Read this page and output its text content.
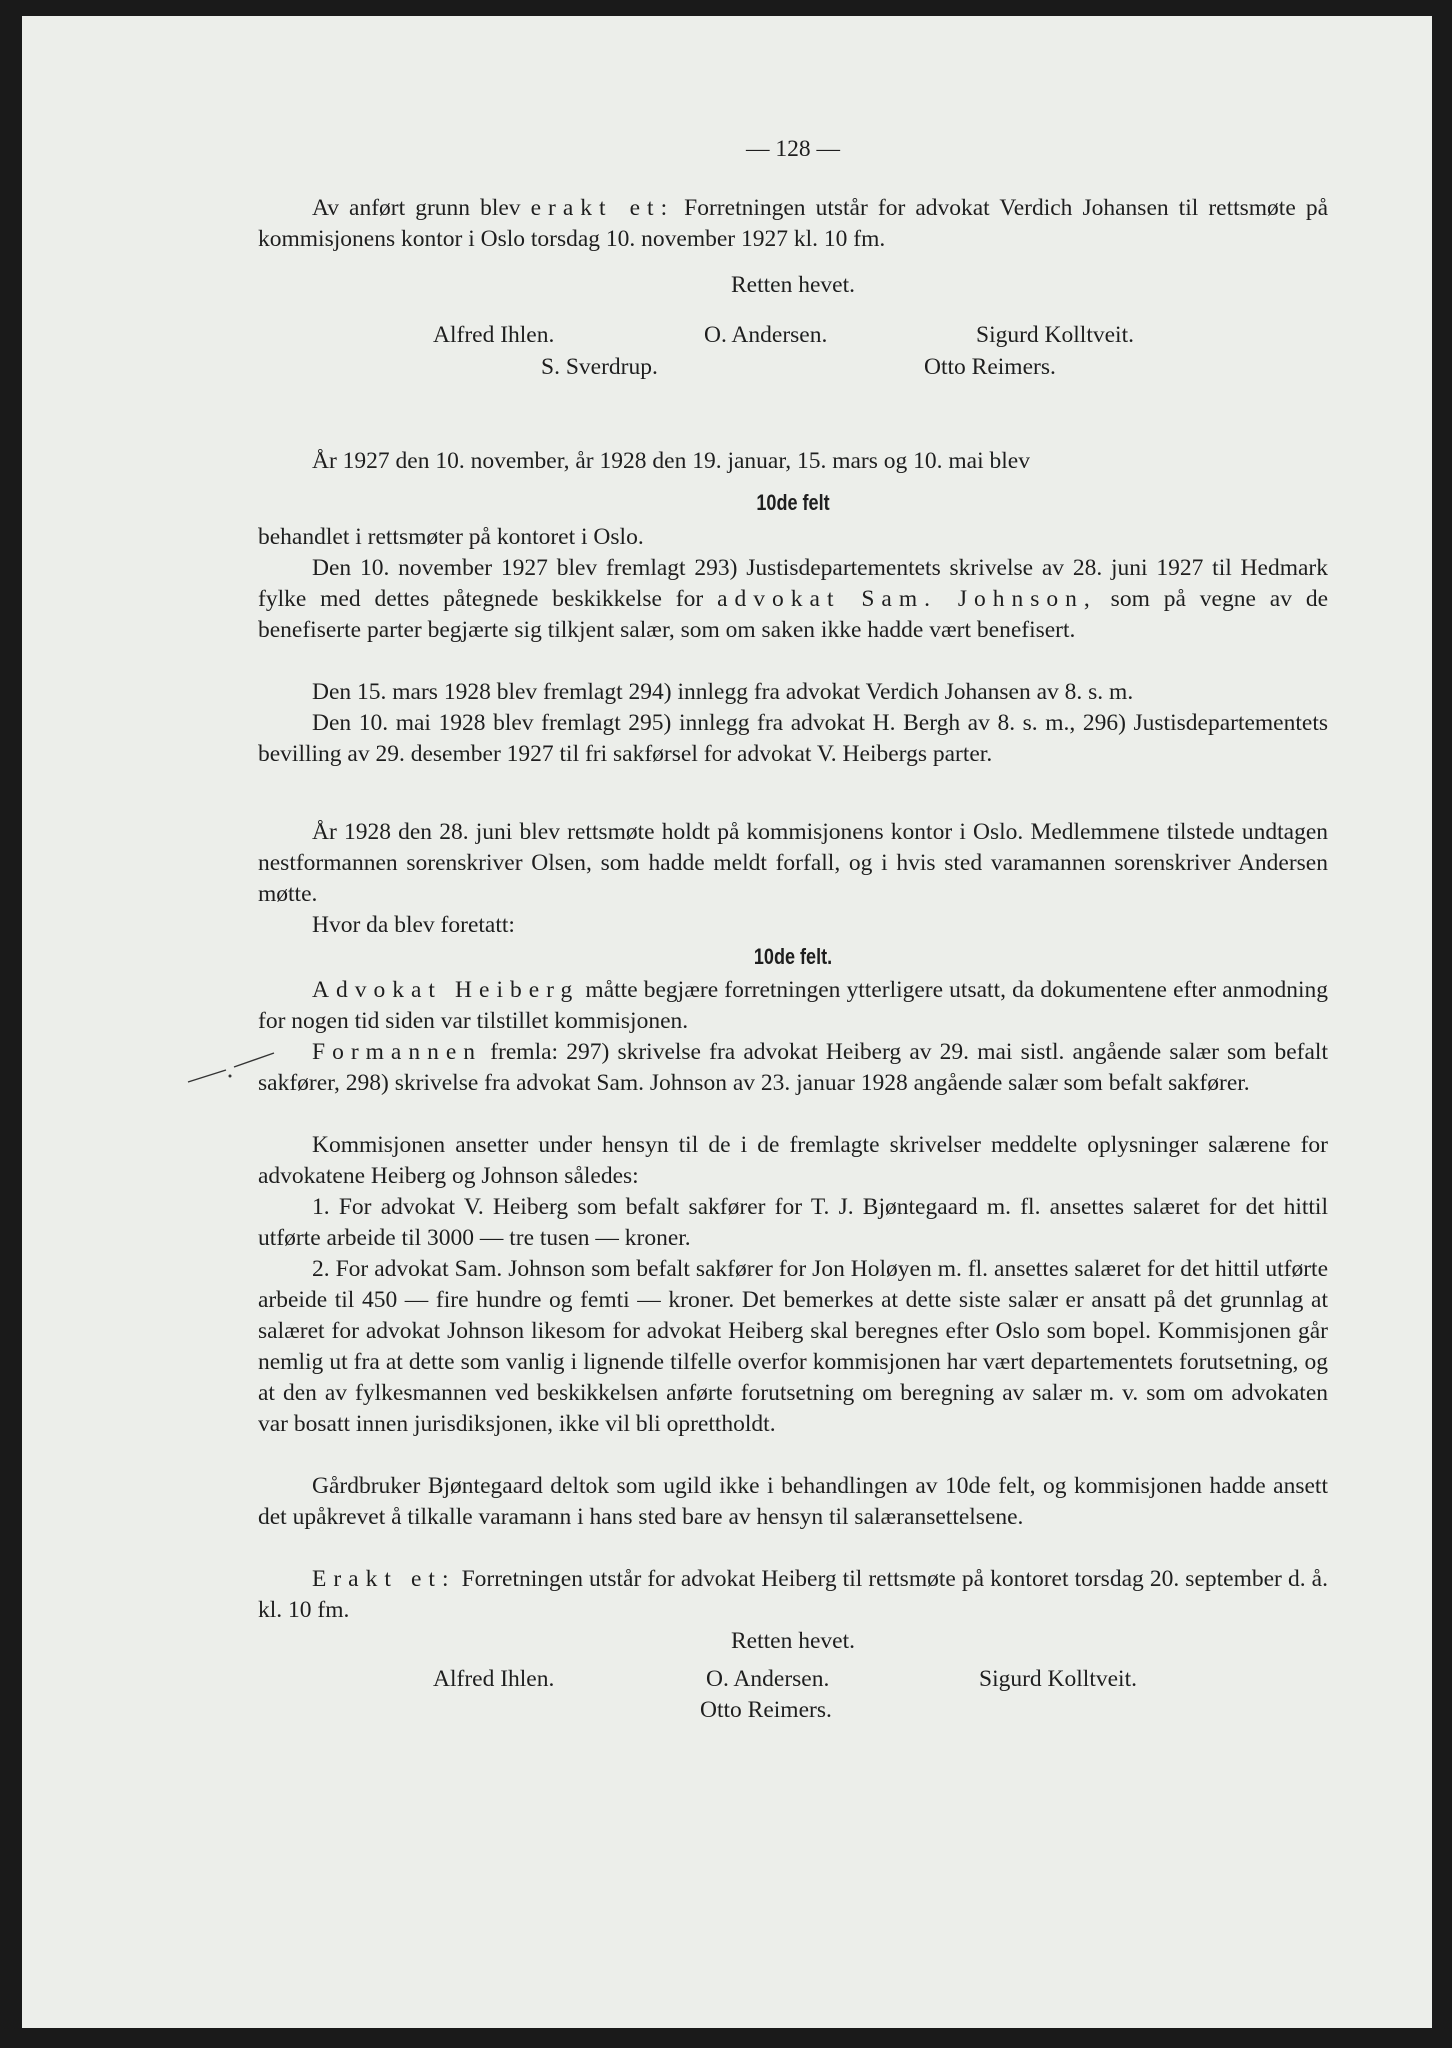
— 128 —
Av anført grunn blev erakt et: Forretningen utstår for advokat Verdich Johansen til rettsmøte på kommisjonens kontor i Oslo torsdag 10. november 1927 kl. 10 fm.
Retten hevet.
Alfred Ihlen.	O. Andersen.	Sigurd Kolltveit.
S. Sverdrup.	Otto Reimers.
År 1927 den 10. november, år 1928 den 19. januar, 15. mars og 10. mai blev
10de felt
behandlet i rettsmøter på kontoret i Oslo.
Den 10. november 1927 blev fremlagt 293) Justisdepartementets skrivelse av 28. juni 1927 til Hedmark fylke med dettes påtegnede beskikkelse for advokat Sam. Johnson, som på vegne av de benefiserte parter begjærte sig tilkjent salær, som om saken ikke hadde vært benefisert.
Den 15. mars 1928 blev fremlagt 294) innlegg fra advokat Verdich Johansen av 8. s. m.
Den 10. mai 1928 blev fremlagt 295) innlegg fra advokat H. Bergh av 8. s. m., 296) Justisdepartementets bevilling av 29. desember 1927 til fri sakførsel for advokat V. Heibergs parter.
År 1928 den 28. juni blev rettsmøte holdt på kommisjonens kontor i Oslo. Medlemmene tilstede undtagen nestformannen sorenskriver Olsen, som hadde meldt forfall, og i hvis sted varamannen sorenskriver Andersen møtte.
Hvor da blev foretatt:
10de felt.
Advokat Heiberg måtte begjære forretningen ytterligere utsatt, da dokumentene efter anmodning for nogen tid siden var tilstillet kommisjonen.
Formannen fremla: 297) skrivelse fra advokat Heiberg av 29. mai sistl. angående salær som befalt sakfører, 298) skrivelse fra advokat Sam. Johnson av 23. januar 1928 angående salær som befalt sakfører.
Kommisjonen ansetter under hensyn til de i de fremlagte skrivelser meddelte oplysninger salærene for advokatene Heiberg og Johnson således:
1. For advokat V. Heiberg som befalt sakfører for T. J. Bjøntegaard m. fl. ansettes salæret for det hittil utførte arbeide til 3000 — tre tusen — kroner.
2. For advokat Sam. Johnson som befalt sakfører for Jon Holøyen m. fl. ansettes salæret for det hittil utførte arbeide til 450 — fire hundre og femti — kroner. Det bemerkes at dette siste salær er ansatt på det grunnlag at salæret for advokat Johnson likesom for advokat Heiberg skal beregnes efter Oslo som bopel. Kommisjonen går nemlig ut fra at dette som vanlig i lignende tilfelle overfor kommisjonen har vært departementets forutsetning, og at den av fylkesmannen ved beskikkelsen anførte forutsetning om beregning av salær m. v. som om advokaten var bosatt innen jurisdiksjonen, ikke vil bli oprettholdt.
Gårdbruker Bjøntegaard deltok som ugild ikke i behandlingen av 10de felt, og kommisjonen hadde ansett det upåkrevet å tilkalle varamann i hans sted bare av hensyn til salæransettelsene.
Erakt et: Forretningen utstår for advokat Heiberg til rettsmøte på kontoret torsdag 20. september d. å. kl. 10 fm.
Retten hevet.
Alfred Ihlen.	O. Andersen.	Sigurd Kolltveit.
Otto Reimers.
